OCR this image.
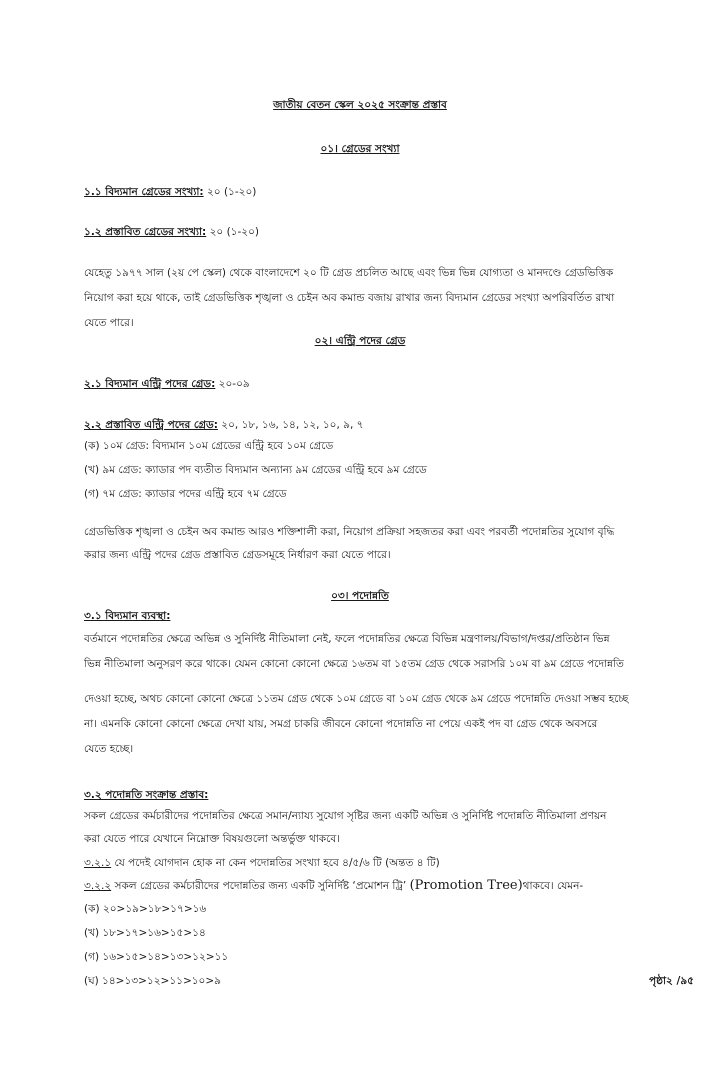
জাতীয় বেতন স্কেল ২০২৫ সংক্রান্ত প্রস্তাব
০১। গ্রেডের সংখ্যা
১.১ বিদ্যমান গ্রেডের সংখ্যা: ২০ (১-২০)
১.২ প্রস্তাবিত গ্রেডের সংখ্যা: ২০ (১-২০)
যেহেতু ১৯৭৭ সাল (২য় পে স্কেল) থেকে বাংলাদেশে ২০ টি গ্রেড প্রচলিত আছে এবং ভিন্ন ভিন্ন যোগ্যতা ও মানদণ্ডে গ্রেডভিত্তিক
নিয়োগ করা হয়ে থাকে, তাই গ্রেডভিত্তিক শৃঙ্খলা ও চেইন অব কমান্ড বজায় রাখার জন্য বিদ্যমান গ্রেডের সংখ্যা অপরিবর্তিত রাখা
যেতে পারে।
০২। এন্ট্রি পদের গ্রেড
২.১ বিদ্যমান এন্ট্রি পদের গ্রেড: ২০-০৯
২.২ প্রস্তাবিত এন্ট্রি পদের গ্রেড: ২০, ১৮, ১৬, ১৪, ১২, ১০, ৯, ৭
(ক) ১০ম গ্রেড: বিদ্যমান ১০ম গ্রেডের এন্ট্রি হবে ১০ম গ্রেডে
(খ) ৯ম গ্রেড: ক্যাডার পদ ব্যতীত বিদ্যমান অন্যান্য ৯ম গ্রেডের এন্ট্রি হবে ৯ম গ্রেডে
(গ) ৭ম গ্রেড: ক্যাডার পদের এন্ট্রি হবে ৭ম গ্রেডে
গ্রেডভিত্তিক শৃঙ্খলা ও চেইন অব কমান্ড আরও শক্তিশালী করা, নিয়োগ প্রক্রিয়া সহজতর করা এবং পরবর্তী পদোন্নতির সুযোগ বৃদ্ধি
করার জন্য এন্ট্রি পদের গ্রেড প্রস্তাবিত গ্রেডসমূহে নির্ধারণ করা যেতে পারে।
০৩। পদোন্নতি
৩.১ বিদ্যমান ব্যবস্থা:
বর্তমানে পদোন্নতির ক্ষেত্রে অভিন্ন ও সুনির্দিষ্ট নীতিমালা নেই, ফলে পদোন্নতির ক্ষেত্রে বিভিন্ন মন্ত্রণালয়/বিভাগ/দপ্তর/প্রতিষ্ঠান ভিন্ন
ভিন্ন নীতিমালা অনুসরণ করে থাকে। যেমন কোনো কোনো ক্ষেত্রে ১৬তম বা ১৫তম গ্রেড থেকে সরাসরি ১০ম বা ৯ম গ্রেডে পদোন্নতি
দেওয়া হচ্ছে, অথচ কোনো কোনো ক্ষেত্রে ১১তম গ্রেড থেকে ১০ম গ্রেডে বা ১০ম গ্রেড থেকে ৯ম গ্রেডে পদোন্নতি দেওয়া সম্ভব হচ্ছে
না। এমনকি কোনো কোনো ক্ষেত্রে দেখা যায়, সমগ্র চাকরি জীবনে কোনো পদোন্নতি না পেয়ে একই পদ বা গ্রেড থেকে অবসরে
যেতে হচ্ছে।
৩.২ পদোন্নতি সংক্রান্ত প্রস্তাব:
সকল গ্রেডের কর্মচারীদের পদোন্নতির ক্ষেত্রে সমান/ন্যায্য সুযোগ সৃষ্টির জন্য একটি অভিন্ন ও সুনির্দিষ্ট পদোন্নতি নীতিমালা প্রণয়ন
করা যেতে পারে যেখানে নিম্নোক্ত বিষয়গুলো অন্তর্ভুক্ত থাকবে।
৩.২.১ যে পদেই যোগদান হোক না কেন পদোন্নতির সংখ্যা হবে ৪/৫/৬ টি (অন্তত ৪ টি)
৩.২.২ সকল গ্রেডের কর্মচারীদের পদোন্নতির জন্য একটি সুনির্দিষ্ট ‘প্রমোশন ট্রি’ (Promotion Tree)থাকবে। যেমন-
(ক) ২০>১৯>১৮>১৭>১৬
(খ) ১৮>১৭>১৬>১৫>১৪
(গ) ১৬>১৫>১৪>১৩>১২>১১
(ঘ) ১৪>১৩>১২>১১>১০>৯	পৃষ্ঠা২ /৯৫
